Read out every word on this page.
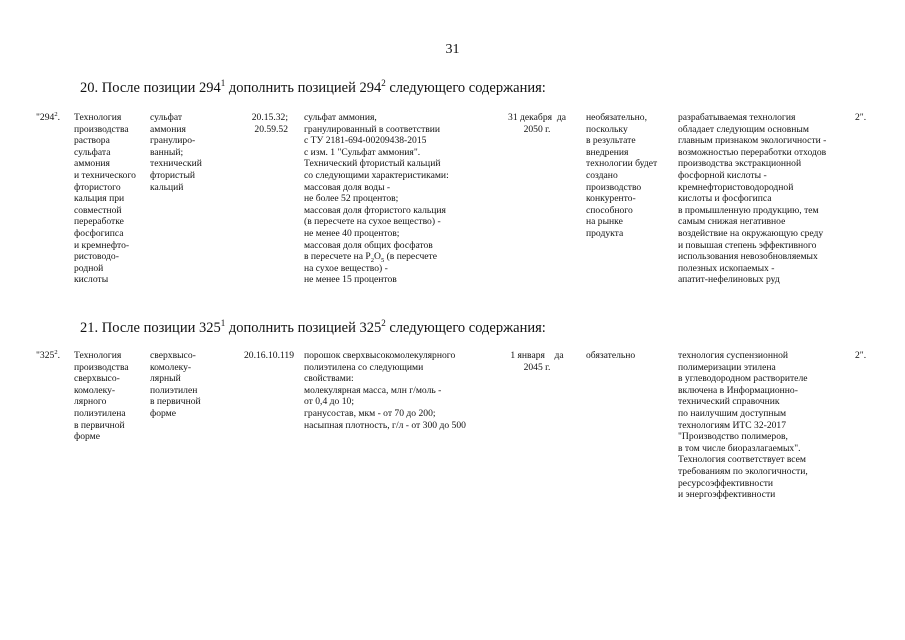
31
20. После позиции $294^1$ дополнить позицией $294^2$ следующего содержания:
"$294^2$. Технология
производства
раствора
сульфата
аммония
и технического
фтористого
кальция при
совместной
переработке
фосфогипса
и кремнефто-
ристоводо-
родной
кислоты
сульфат
аммония
гранулиро-
ванный;
технический
фтористый
кальций
20.15.32;
20.59.52
сульфат аммония,
гранулированный в соответствии
с ТУ 2181-694-00209438-2015
с изм. 1 "Сульфат аммония".
Технический фтористый кальций
со следующими характеристиками:
массовая доля воды -
не более 52 процентов;
массовая доля фтористого кальция
(в пересчете на сухое вещество) -
не менее 40 процентов;
массовая доля общих фосфатов
в пересчете на $P_2O_5$ (в пересчете
на сухое вещество) -
не менее 15 процентов
31 декабря  да
2050 г.
необязательно,
поскольку
в результате
внедрения
технологии будет
создано
производство
конкуренто-
способного
на рынке
продукта
разрабатываемая технология
обладает следующим основным
главным признаком экологичности -
возможностью переработки отходов
производства экстракционной
фосфорной кислоты -
кремнефтористоводородной
кислоты и фосфогипса
в промышленную продукцию, тем
самым снижая негативное
воздействие на окружающую среду
и повышая степень эффективного
использования невозобновляемых
полезных ископаемых -
апатит-нефелиновых руд
2".
21. После позиции $325^1$ дополнить позицией $325^2$ следующего содержания:
"$325^2$. Технология
производства
сверхвысо-
комолеку-
лярного
полиэтилена
в первичной
форме
сверхвысо-
комолеку-
лярный
полиэтилен
в первичной
форме
20.16.10.119 порошок сверхвысокомолекулярного
полиэтилена со следующими
свойствами:
молекулярная масса, млн г/моль -
от 0,4 до 10;
гранусостав, мкм - от 70 до 200;
насыпная плотность, г/л - от 300 до 500
1 января    да
2045 г.
обязательно	технология суспензионной
полимеризации этилена
в углеводородном растворителе
включена в Информационно-
технический справочник
по наилучшим доступным
технологиям ИТС 32-2017
"Производство полимеров,
в том числе биоразлагаемых".
Технология соответствует всем
требованиям по экологичности,
ресурсоэффективности
и энергоэффективности
2".
